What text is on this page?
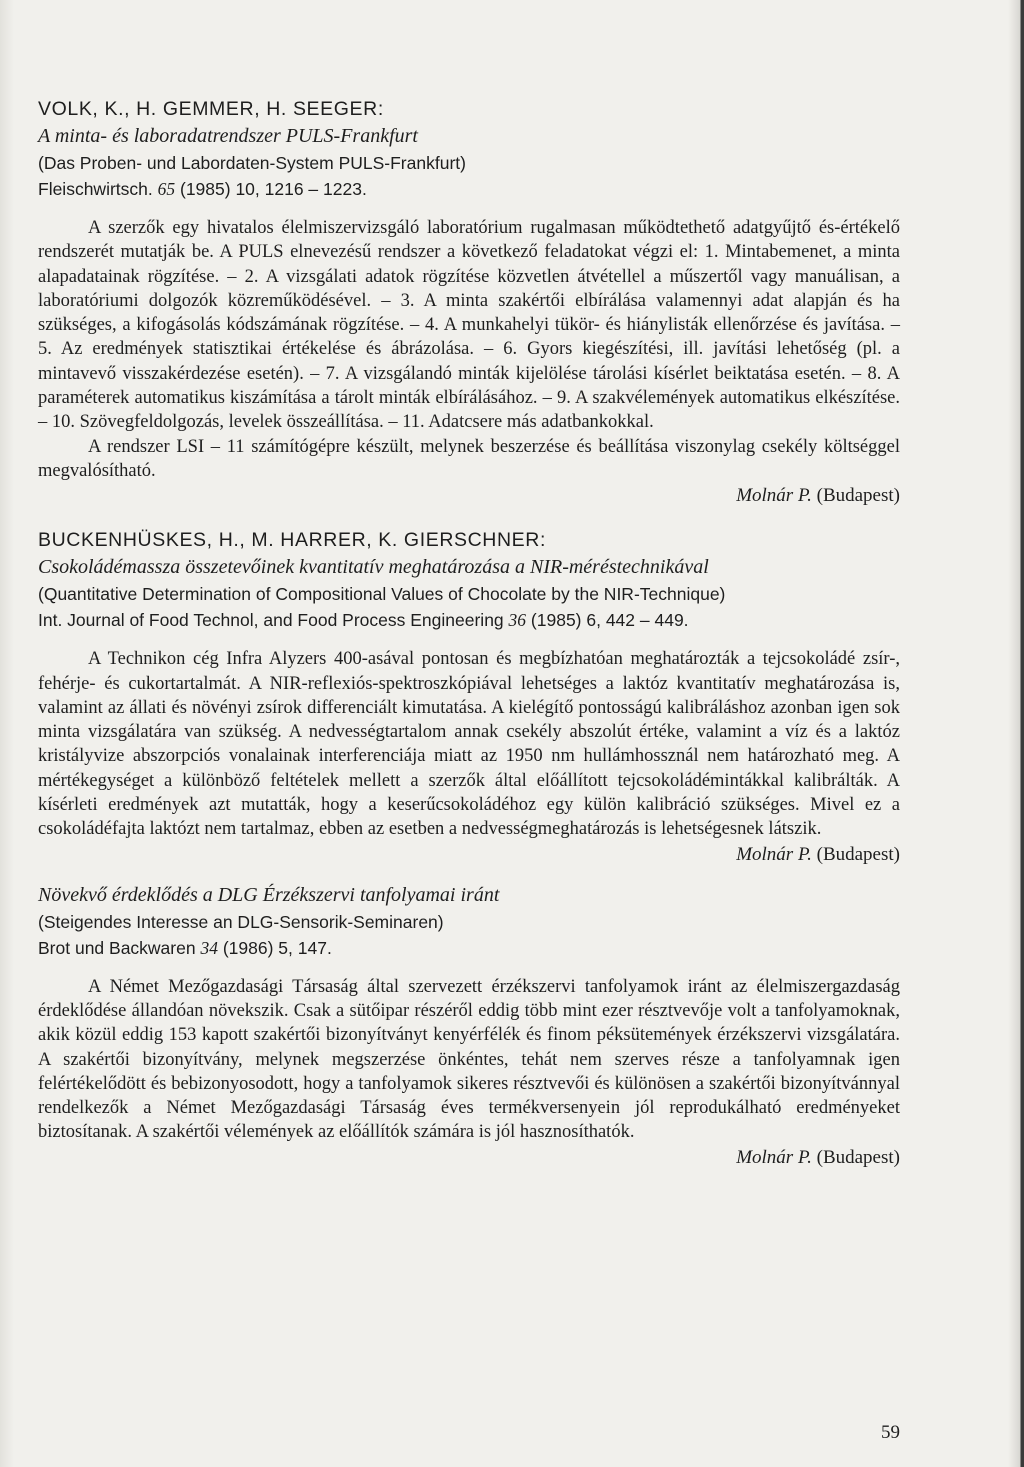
VOLK, K., H. GEMMER, H. SEEGER:

A minta- és laboradatrendszer PULS-Frankfurt

(Das Proben- und Labordaten-System PULS-Frankfurt)

Fleischwirtsch. 65 (1985) 10, 1216 – 1223.

A szerzők egy hivatalos élelmiszervizsgáló laboratórium rugalmasan működtethető adatgyűjtő és-értékelő rendszerét mutatják be. A PULS elnevezésű rendszer a következő feladatokat végzi el: 1. Mintabemenet, a minta alapadatainak rögzítése. – 2. A vizsgálati adatok rögzítése közvetlen átvétellel a műszertől vagy manuálisan, a laboratóriumi dolgozók közreműködésével. – 3. A minta szakértői elbírálása valamennyi adat alapján és ha szükséges, a kifogásolás kódszámának rögzítése. – 4. A munkahelyi tükör- és hiánylisták ellenőrzése és javítása. – 5. Az eredmények statisztikai értékelése és ábrázolása. – 6. Gyors kiegészítési, ill. javítási lehetőség (pl. a mintavevő visszakérdezése esetén). – 7. A vizsgálandó minták kijelölése tárolási kísérlet beiktatása esetén. – 8. A paraméterek automatikus kiszámítása a tárolt minták elbírálásához. – 9. A szakvélemények automatikus elkészítése. – 10. Szövegfeldolgozás, levelek összeállítása. – 11. Adatcsere más adatbankokkal.

A rendszer LSI – 11 számítógépre készült, melynek beszerzése és beállítása viszonylag csekély költséggel megvalósítható.

Molnár P. (Budapest)

BUCKENHÜSKES, H., M. HARRER, K. GIERSCHNER:

Csokoládémassza összetevőinek kvantitatív meghatározása a NIR-méréstechnikával

(Quantitative Determination of Compositional Values of Chocolate by the NIR-Technique)

Int. Journal of Food Technol, and Food Process Engineering 36 (1985) 6, 442 – 449.

A Technikon cég Infra Alyzers 400-asával pontosan és megbízhatóan meghatározták a tejcsokoládé zsír-, fehérje- és cukortartalmát. A NIR-reflexiós-spektroszkópiával lehetséges a laktóz kvantitatív meghatározása is, valamint az állati és növényi zsírok differenciált kimutatása. A kielégítő pontosságú kalibráláshoz azonban igen sok minta vizsgálatára van szükség. A nedvességtartalom annak csekély abszolút értéke, valamint a víz és a laktóz kristályvize abszorpciós vonalainak interferenciája miatt az 1950 nm hullámhossznál nem határozható meg. A mértékegységet a különböző feltételek mellett a szerzők által előállított tejcsokoládémintákkal kalibrálták. A kísérleti eredmények azt mutatták, hogy a keserűcsokoládéhoz egy külön kalibráció szükséges. Mivel ez a csokoládéfajta laktózt nem tartalmaz, ebben az esetben a nedvességmeghatározás is lehetségesnek látszik.

Molnár P. (Budapest)

Növekvő érdeklődés a DLG Érzékszervi tanfolyamai iránt

(Steigendes Interesse an DLG-Sensorik-Seminaren)

Brot und Backwaren 34 (1986) 5, 147.

A Német Mezőgazdasági Társaság által szervezett érzékszervi tanfolyamok iránt az élelmiszergazdaság érdeklődése állandóan növekszik. Csak a sütőipar részéről eddig több mint ezer résztvevője volt a tanfolyamoknak, akik közül eddig 153 kapott szakértői bizonyítványt kenyérfélék és finom péksütemények érzékszervi vizsgálatára. A szakértői bizonyítvány, melynek megszerzése önkéntes, tehát nem szerves része a tanfolyamnak igen felértékelődött és bebizonyosodott, hogy a tanfolyamok sikeres résztvevői és különösen a szakértői bizonyítvánnyal rendelkezők a Német Mezőgazdasági Társaság éves termékversenyein jól reprodukálható eredményeket biztosítanak. A szakértői vélemények az előállítók számára is jól hasznosíthatók.

Molnár P. (Budapest)

59
